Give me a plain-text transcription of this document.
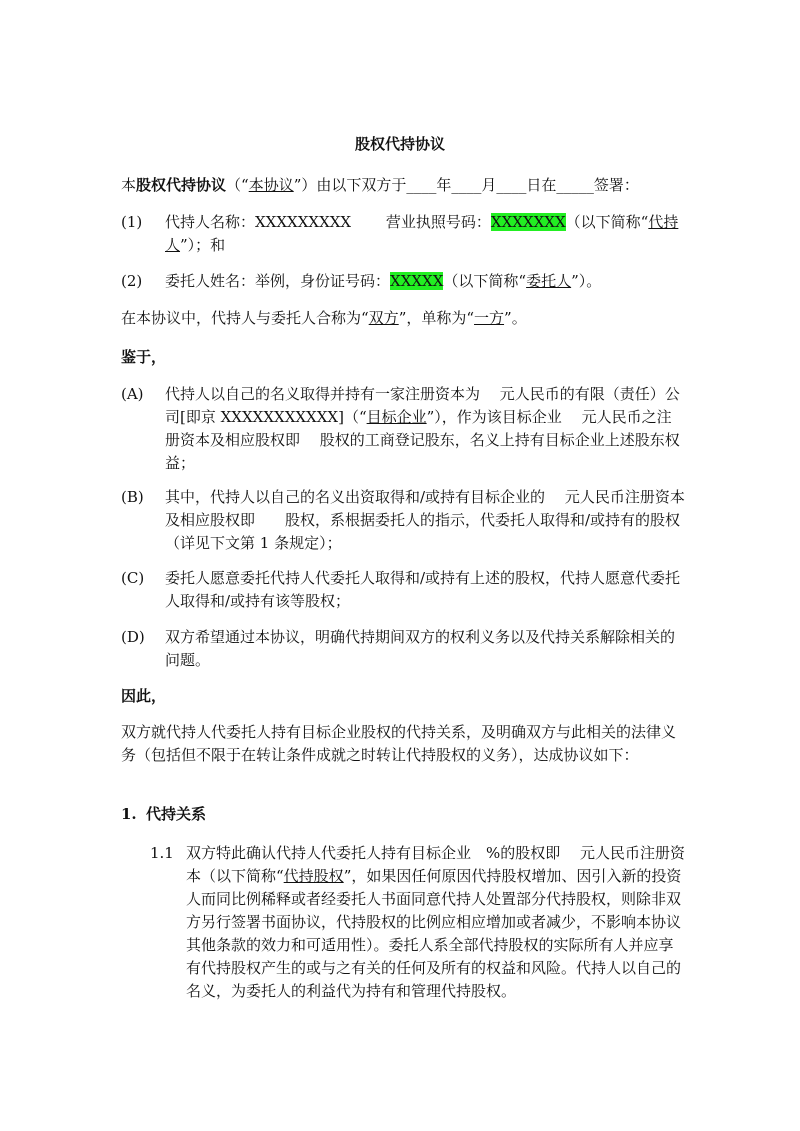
股权代持协议
本股权代持协议（“本协议”）由以下双方于____年____月____日在_____签署：
(1) 代持人名称：XXXXXXXXX　　 营业执照号码：XXXXXXX（以下简称“代持人”）；和
(2) 委托人姓名：举例，身份证号码：XXXXX（以下简称“委托人”）。
在本协议中，代持人与委托人合称为“双方”，单称为“一方”。
鉴于，
(A) 代持人以自己的名义取得并持有一家注册资本为　 元人民币的有限（责任）公司[即京 XXXXXXXXXXX]（“目标企业”），作为该目标企业　 元人民币之注册资本及相应股权即　 股权的工商登记股东，名义上持有目标企业上述股东权益；
(B) 其中，代持人以自己的名义出资取得和/或持有目标企业的　 元人民币注册资本及相应股权即　　股权，系根据委托人的指示，代委托人取得和/或持有的股权（详见下文第 1 条规定）；
(C) 委托人愿意委托代持人代委托人取得和/或持有上述的股权，代持人愿意代委托人取得和/或持有该等股权；
(D) 双方希望通过本协议，明确代持期间双方的权利义务以及代持关系解除相关的问题。
因此，
双方就代持人代委托人持有目标企业股权的代持关系，及明确双方与此相关的法律义务（包括但不限于在转让条件成就之时转让代持股权的义务），达成协议如下：
1. 代持关系
1.1 双方特此确认代持人代委托人持有目标企业　%的股权即　 元人民币注册资本（以下简称“代持股权”，如果因任何原因代持股权增加、因引入新的投资人而同比例稀释或者经委托人书面同意代持人处置部分代持股权，则除非双方另行签署书面协议，代持股权的比例应相应增加或者减少，不影响本协议其他条款的效力和可适用性）。委托人系全部代持股权的实际所有人并应享有代持股权产生的或与之有关的任何及所有的权益和风险。代持人以自己的名义，为委托人的利益代为持有和管理代持股权。
